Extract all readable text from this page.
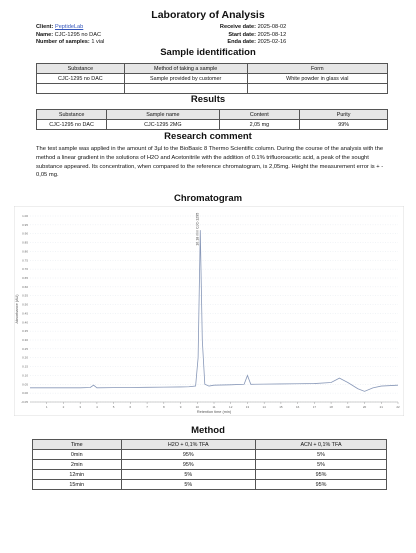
Laboratory of Analysis
Client: PeptideLab
Name: CJC-1295 no DAC
Number of samples: 1 vial
Receive date: 2025-08-02
Start date: 2025-08-12
Enda date: 2025-02-16
Sample identification
Substance	Method of taking a sample	Form
CJC-1295 no DAC	Sample provided by customer	White powder in glass vial

Results
Substance	Sample name	Content	Purity
CJC-1295 no DAC	CJC-1295 2MG	2,05 mg	99%
Research comment
The test sample was applied in the amount of 3µl to the BioBasic 8 Thermo Scientific column. During the course of the analysis with the method a linear gradient in the solutions of H2O and Acetonitrile with the addition of 0.1% trifluoroacetic acid, a peak of the sought substance appeared. Its concentration, when compared to the reference chromatogram, is 2,05mg. Height the measurement error is + - 0,05 mg.
Chromatogram
-0.05
0.00
0.05
0.10
0.15
0.20
0.25
0.30
0.35
0.40
0.45
0.50
0.55
0.60
0.65
0.70
0.75
0.80
0.85
0.90
0.95
1.00
1	2	3	4	5	6	7	8	9	10	11	12	13	14	15	16	17	18	19	20	21	22
10.18 min CJC-1295
Retention time (min)
Absorbance (AU)
Method
Time	H2O + 0,1% TFA	ACN + 0,1% TFA
0min	95%	5%
2min	95%	5%
12min	5%	95%
15min	5%	95%
